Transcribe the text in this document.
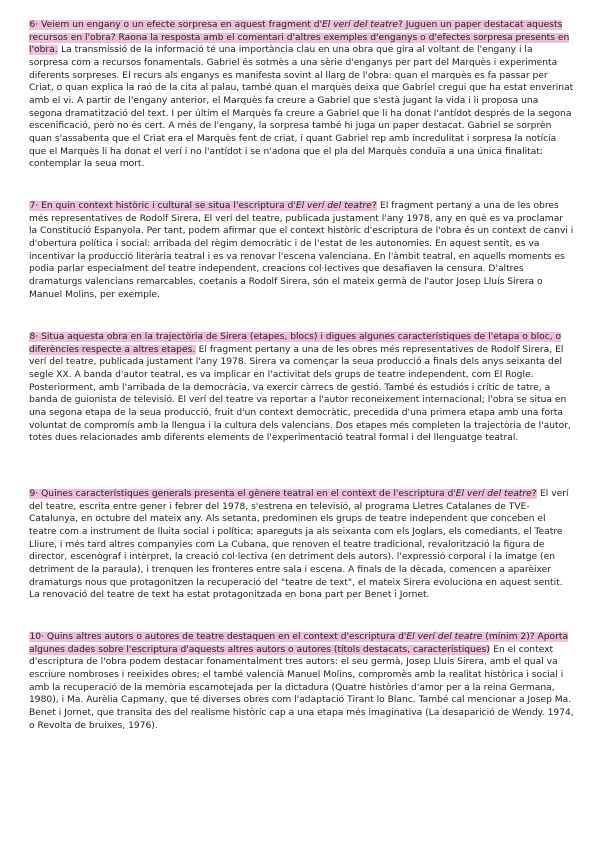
6· Veiem un engany o un efecte sorpresa en aquest fragment d'El verí del teatre? Juguen un paper destacat aquests recursos en l'obra? Raona la resposta amb el comentari d'altres exemples d'enganys o d'efectes sorpresa presents en l'obra. La transmissió de la informació té una importància clau en una obra que gira al voltant de l'engany i la sorpresa com a recursos fonamentals. Gabriel és sotmès a una sèrie d'enganys per part del Marquès i experimenta diferents sorpreses. El recurs als enganys es manifesta sovint al llarg de l'obra: quan el marquès es fa passar per Criat, o quan explica la raó de la cita al palau, també quan el marquès deixa que Gabriel cregui que ha estat enverinat amb el vi. A partir de l'engany anterior, el Marquès fa creure a Gabriel que s'està jugant la vida i li proposa una segona dramatització del text. I per últim el Marquès fa creure a Gabriel que li ha donat l'antídot després de la segona escenificació, però no és cert. A més de l'engany, la sorpresa també hi juga un paper destacat. Gabriel se sorprèn quan s'assabenta que el Criat era el Marquès fent de criat, i quant Gabriel rep amb incredulitat i sorpresa la notícia que el Marquès li ha donat el verí i no l'antídot i se n'adona que el pla del Marquès conduïa a una única finalitat: contemplar la seua mort.

7· En quin context històric i cultural se situa l'escriptura d'El verí del teatre? El fragment pertany a una de les obres més representatives de Rodolf Sirera, El verí del teatre, publicada justament l'any 1978, any en què es va proclamar la Constitució Espanyola. Per tant, podem afirmar que el context històric d'escriptura de l'obra és un context de canvi i d'obertura política i social: arribada del règim democràtic i de l'estat de les autonomies. En aquest sentit, es va incentivar la producció literària teatral i es va renovar l'escena valenciana. En l'àmbit teatral, en aquells moments es podia parlar especialment del teatre independent, creacions col·lectives que desafiaven la censura. D'altres dramaturgs valencians remarcables, coetanis a Rodolf Sirera, són el mateix germà de l'autor Josep Lluís Sirera o Manuel Molins, per exemple.

8· Situa aquesta obra en la trajectòria de Sirera (etapes, blocs) i digues algunes característiques de l'etapa o bloc, o diferències respecte a altres etapes. El fragment pertany a una de les obres més representatives de Rodolf Sirera, El verí del teatre, publicada justament l'any 1978. Sirera va començar la seua producció a finals dels anys seixanta del segle XX. A banda d'autor teatral, es va implicar en l'activitat dels grups de teatre independent, com El Rogle. Posteriorment, amb l'arribada de la democràcia, va exercir càrrecs de gestió. També és estudiós i crític de tatre, a banda de guionista de televisió. El verí del teatre va reportar a l'autor reconeixement internacional; l'obra se situa en una segona etapa de la seua producció, fruit d'un context democràtic, precedida d'una primera etapa amb una forta voluntat de compromís amb la llengua i la cultura dels valencians. Dos etapes més completen la trajectòria de l'autor, totes dues relacionades amb diferents elements de l'experimentació teatral formal i del llenguatge teatral.

9· Quines característiques generals presenta el gènere teatral en el context de l'escriptura d'El verí del teatre? El verí del teatre, escrita entre gener i febrer del 1978, s'estrena en televisió, al programa Lletres Catalanes de TVE-Catalunya, en octubre del mateix any. Als setanta, predominen els grups de teatre independent que conceben el teatre com a instrument de lluita social i política; apareguts ja als seixanta com els Joglars, els comediants, el Teatre Lliure, i més tard altres companyies com La Cubana, que renoven el teatre tradicional, revalorització la figura de director, escenògraf i intèrpret, la creació col·lectiva (en detriment dels autors). l'expressió corporal i la imatge (en detriment de la paraula), i trenquen les fronteres entre sala i escena. A finals de la dècada, comencen a aparèixer dramaturgs nous que protagonitzen la recuperació del "teatre de text", el mateix Sirera evoluciona en aquest sentit. La renovació del teatre de text ha estat protagonitzada en bona part per Benet i Jornet.

10· Quins altres autors o autores de teatre destaquen en el context d'escriptura d'El verí del teatre (mínim 2)? Aporta algunes dades sobre l'escriptura d'aquests altres autors o autores (títols destacats, característiques) En el context d'escriptura de l'obra podem destacar fonamentalment tres autors: el seu germà, Josep Lluís Sirera, amb el qual va escriure nombroses i reeixides obres; el també valencià Manuel Molins, compromès amb la realitat històrica i social i amb la recuperació de la memòria escamotejada per la dictadura (Quatre històries d'amor per a la reina Germana, 1980), i Ma. Aurèlia Capmany, que té diverses obres com l'adaptació Tirant lo Blanc. També cal mencionar a Josep Ma. Benet i Jornet, que transita des del realisme històric cap a una etapa més imaginativa (La desaparició de Wendy. 1974, o Revolta de bruixes, 1976).
